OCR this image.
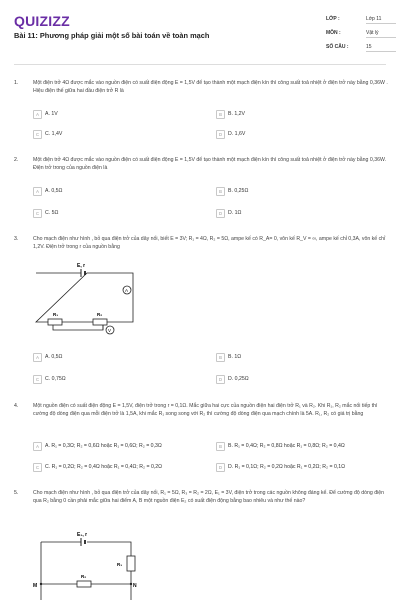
QUIZIZZ
Bài 11: Phương pháp giải một số bài toán về toàn mạch
LỚP :	Lớp 11
MÔN :	Vật lý
SỐ CÂU :	15
1.	Một điện trở 4Ω được mắc vào nguồn điện có suất điện động E = 1,5V để tạo thành một mạch điện kín thì công suất toả nhiệt ở điện trở này bằng 0,36W . Hiệu điện thế giữa hai đầu điện trở R là
A	A. 1V	B	B. 1,2V
C	C. 1,4V	D	D. 1,6V
2.	Một điện trở 4Ω được mắc vào nguồn điện có suất điện động E = 1,5V để tạo thành một mạch điện kín thì công suất toả nhiệt ở điện trở này bằng 0,36W. Điện trở trong của nguồn điện là
A	A. 0,5Ω	B	B. 0,25Ω
C	C. 5Ω	D	D. 1Ω
3.	Cho mạch điện như hình , bỏ qua điện trở của dây nối, biết E = 3V; R₁ = 4Ω, R₂ = 5Ω, ampe kế có R_A= 0, vôn kế R_V = ∞, ampe kế chỉ 0,3A, vôn kế chỉ 1,2V. Điện trở trong r của nguồn bằng
E, r
A
R₁	R₂
V
A	A. 0,5Ω	B	B. 1Ω
C	C. 0,75Ω	D	D. 0,25Ω
4.	Một nguồn điện có suất điện động E = 1,5V, điện trở trong r = 0,1Ω. Mắc giữa hai cực của nguồn điện hai điện trở R₁ và R₂. Khi R₁, R₂ mắc nối tiếp thì cường độ dòng điện qua mỗi điện trở là 1,5A, khi mắc R₁ song song với R₂ thì cường độ dòng điện qua mạch chính là 5A. R₁, R₂ có giá trị bằng
A	A. R₁ = 0,3Ω; R₂ = 0,6Ω hoặc R₁ = 0,6Ω; R₂ = 0,3Ω	B	B. R₁ = 0,4Ω; R₂ = 0,8Ω hoặc R₁ = 0,8Ω; R₂ = 0,4Ω
C	C. R₁ = 0,2Ω; R₂ = 0,4Ω hoặc R₁ = 0,4Ω; R₂ = 0,2Ω	D	D. R₁ = 0,1Ω; R₂ = 0,2Ω hoặc R₁ = 0,2Ω; R₂ = 0,1Ω
5.	Cho mạch điện như hình , bỏ qua điện trở của dây nối, R₁ = 5Ω, R₃ = R₂ = 2Ω, E₁ = 3V, điện trở trong các nguồn không đáng kể. Để cường độ dòng điện qua R₂ bằng 0 cần phải mắc giữa hai điểm A, B một nguồn điện E₂ có suất điện động bằng bao nhiêu và như thế nào?
E₁, r
R₁
R₂
M	N
